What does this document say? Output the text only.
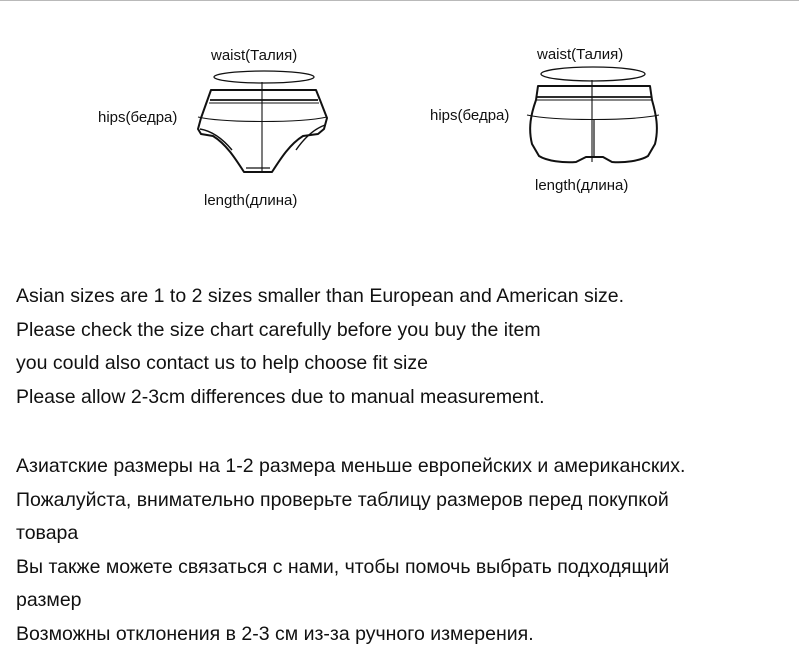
waist(Талия)
hips(бедра)
length(длина)
waist(Талия)
hips(бедра)
length(длина)
Asian sizes are 1 to 2 sizes smaller than European and American size.
Please check the size chart carefully before you buy the item
you could also contact us to help choose fit size
Please allow 2-3cm differences due to manual measurement.
Азиатские размеры на 1-2 размера меньше европейских и американских.
Пожалуйста, внимательно проверьте таблицу размеров перед покупкой
товара
Вы также можете связаться с нами, чтобы помочь выбрать подходящий
размер
Возможны отклонения в 2-3 см из-за ручного измерения.
